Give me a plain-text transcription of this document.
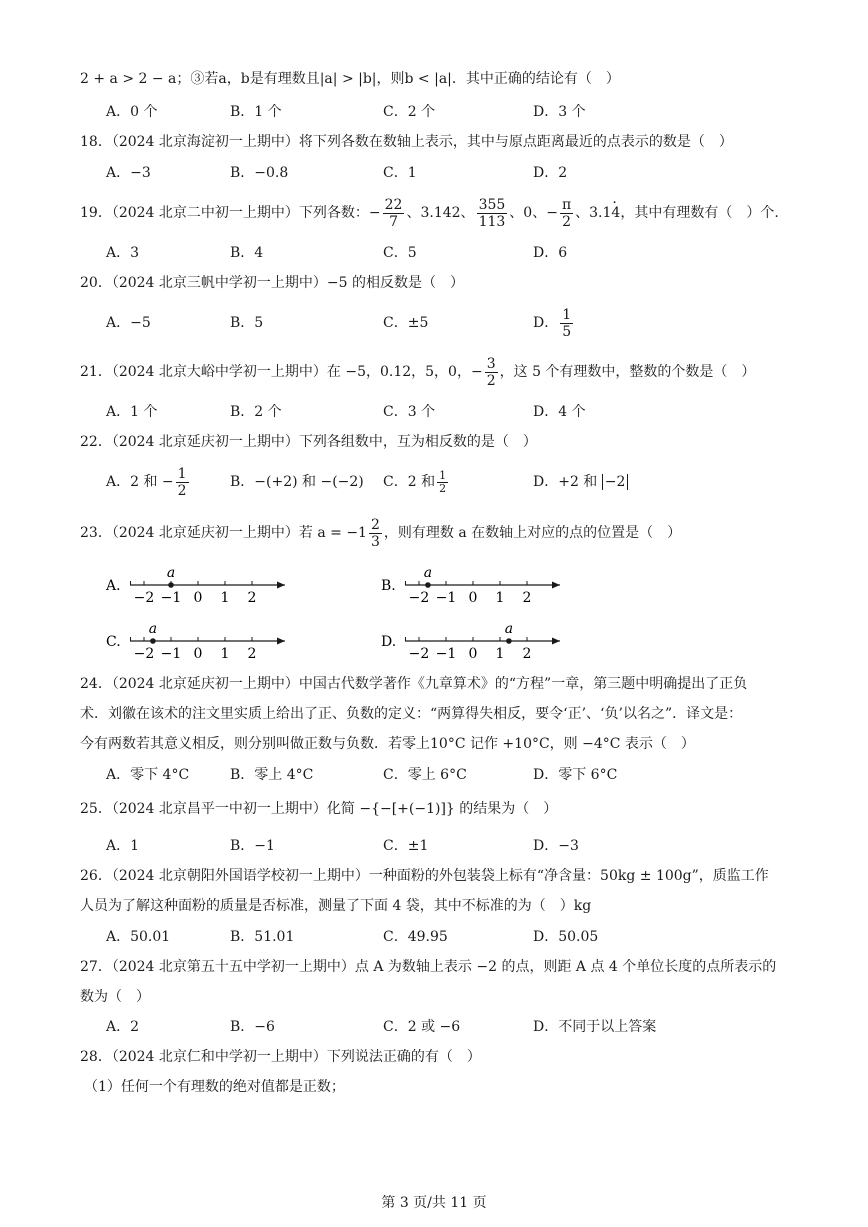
2 + a > 2 − a；③若a，b是有理数且|a| > |b|，则b < |a|．其中正确的结论有（　）
A．0 个	B．1 个	C．2 个	D．3 个
18．（2024 北京海淀初一上期中）将下列各数在数轴上表示，其中与原点距离最近的点表示的数是（　）
A．−3	B．−0.8	C．1	D．2
19．（2024 北京二中初一上期中）下列各数： − $\frac{22}{7}$ 、3.142、 $\frac{355}{113}$ 、0、− $\frac{\pi}{2}$ 、3.1 4 · ，其中有理数有（　）个.
A．3	B．4	C．5	D．6
20．（2024 北京三帆中学初一上期中）−5 的相反数是（　）
A．−5	B．5	C．±5	D． $\frac{1}{5}$
21．（2024 北京大峪中学初一上期中）在 −5，0.12，5，0，− $\frac{3}{2}$ ，这 5 个有理数中，整数的个数是（　）
A．1 个	B．2 个	C．3 个	D．4 个
22．（2024 北京延庆初一上期中）下列各组数中，互为相反数的是（　）
A．2 和 − $\frac{1}{2}$	B．−(+2) 和 −(−2) C．2 和 $\frac{1}{2}$	D．+2 和 −2
23．（2024 北京延庆初一上期中）若 $a = -1 \frac{2}{3}$ ，则有理数 a 在数轴上对应的点的位置是（　）
A.
−2 −1 0 1 2
a
B.
−2 −1 0 1 2
a
C.
−2 −1 0 1 2
a
D.
−2 −1 0 1 2
a
24．（2024 北京延庆初一上期中）中国古代数学著作《九章算术》的“方程”一章，第三题中明确提出了正负
术．刘徽在该术的注文里实质上给出了正、负数的定义：“两算得失相反，要令‘正’、‘负’以名之”．译文是：
今有两数若其意义相反，则分别叫做正数与负数．若零上10°C 记作 +10°C，则 −4°C 表示（　）
A．零下 4°C	B．零上 4°C	C．零上 6°C	D．零下 6°C
25．（2024 北京昌平一中初一上期中）化简 −{−[+(−1)]} 的结果为（　）
A．1	B．−1	C．±1	D．−3
26．（2024 北京朝阳外国语学校初一上期中）一种面粉的外包装袋上标有“净含量：50kg ± 100g”，质监工作
人员为了解这种面粉的质量是否标准，测量了下面 4 袋，其中不标准的为（　）kg
A．50.01	B．51.01	C．49.95	D．50.05
27．（2024 北京第五十五中学初一上期中）点 A 为数轴上表示 −2 的点，则距 A 点 4 个单位长度的点所表示的
数为（　）
A．2	B．−6	C．2 或 −6	D．不同于以上答案
28．（2024 北京仁和中学初一上期中）下列说法正确的有（　）
（1）任何一个有理数的绝对值都是正数；
第 3 页/共 11 页
